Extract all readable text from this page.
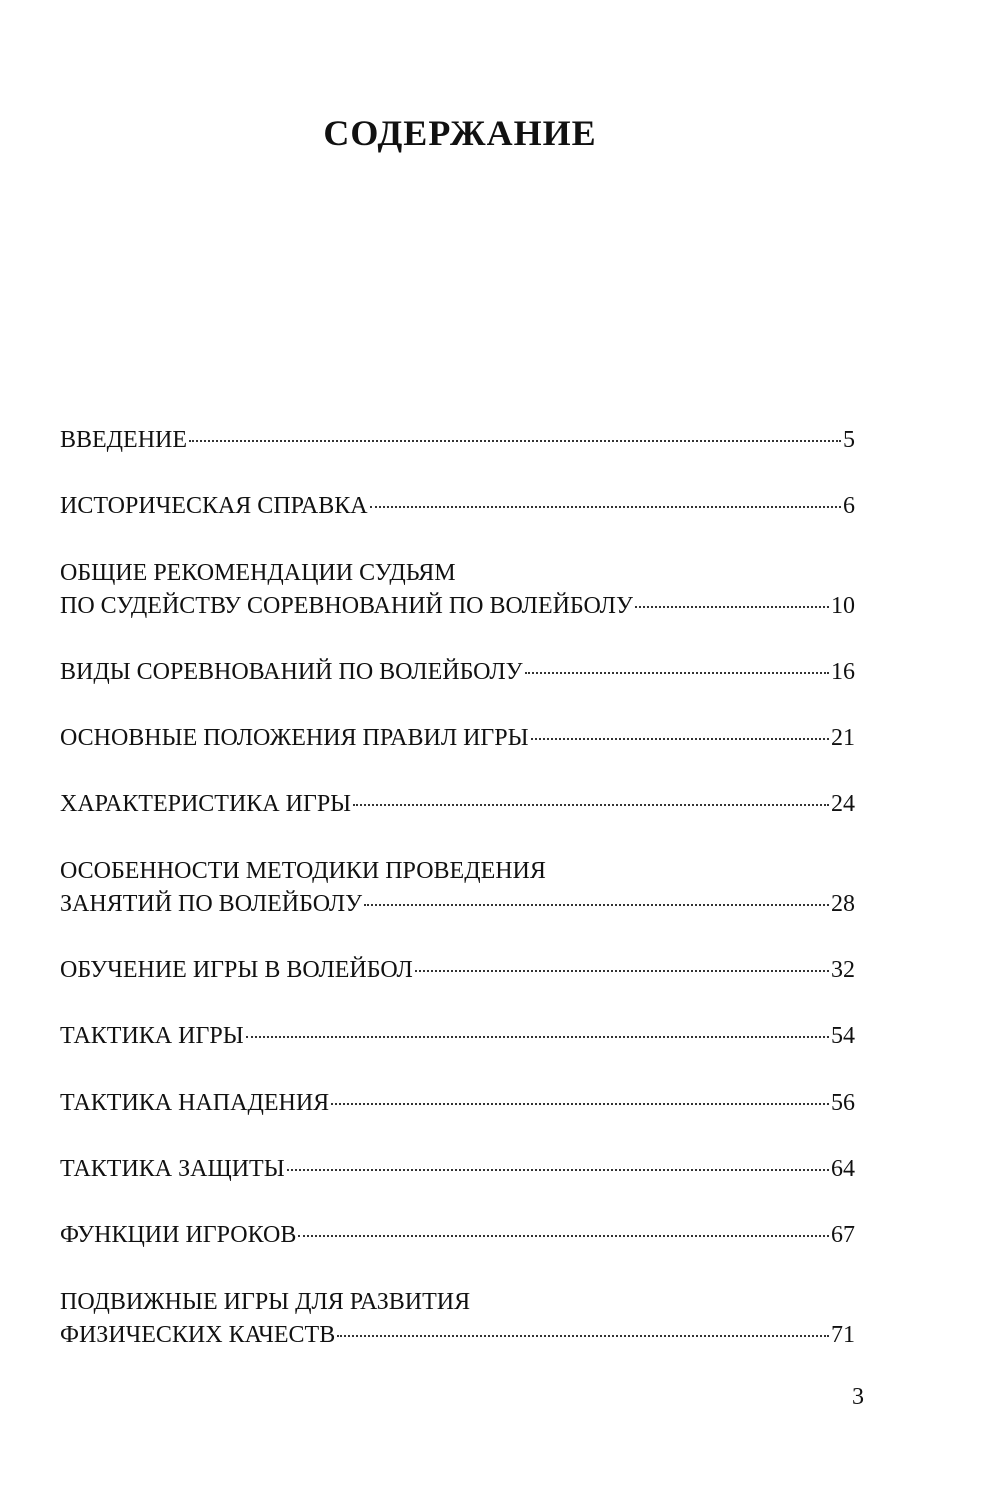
СОДЕРЖАНИЕ
ВВЕДЕНИЕ	5
ИСТОРИЧЕСКАЯ СПРАВКА	6
ОБЩИЕ РЕКОМЕНДАЦИИ СУДЬЯМ
ПО СУДЕЙСТВУ СОРЕВНОВАНИЙ ПО ВОЛЕЙБОЛУ	10
ВИДЫ СОРЕВНОВАНИЙ ПО ВОЛЕЙБОЛУ	16
ОСНОВНЫЕ ПОЛОЖЕНИЯ ПРАВИЛ ИГРЫ	21
ХАРАКТЕРИСТИКА ИГРЫ	24
ОСОБЕННОСТИ МЕТОДИКИ ПРОВЕДЕНИЯ
ЗАНЯТИЙ ПО ВОЛЕЙБОЛУ	28
ОБУЧЕНИЕ ИГРЫ В ВОЛЕЙБОЛ	32
ТАКТИКА ИГРЫ	54
ТАКТИКА НАПАДЕНИЯ	56
ТАКТИКА ЗАЩИТЫ	64
ФУНКЦИИ ИГРОКОВ	67
ПОДВИЖНЫЕ ИГРЫ ДЛЯ РАЗВИТИЯ
ФИЗИЧЕСКИХ КАЧЕСТВ	71
3
